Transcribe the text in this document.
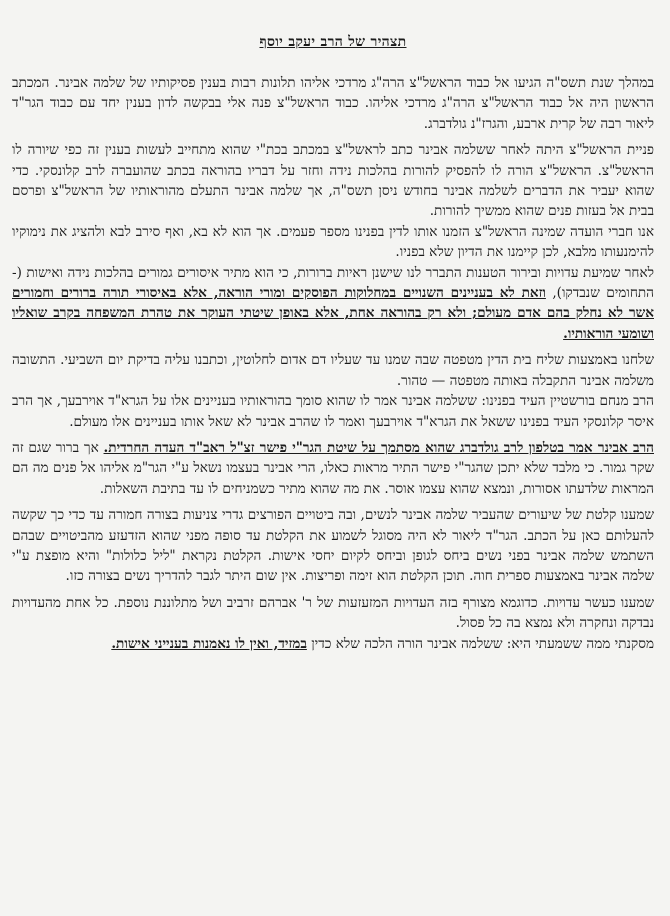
תצהיר של הרב יעקב יוסף

במהלך שנת תשס"ה הגיעו אל כבוד הראשל"צ הרה"ג מרדכי אליהו תלונות רבות בענין פסיקותיו של שלמה אבינר. המכתב הראשון היה אל כבוד הראשל"צ הרה"ג מרדכי אליהו. כבוד הראשל"צ פנה אלי בבקשה לדון בענין יחד עם כבוד הגר"ד ליאור רבה של קרית ארבע, והגרז"נ גולדברג.

פניית הראשל"צ היתה לאחר ששלמה אבינר כתב לראשל"צ במכתב בכת"י שהוא מתחייב לעשות בענין זה כפי שיורה לו הראשל"צ. הראשל"צ הורה לו להפסיק להורות בהלכות נידה וחזר על דבריו בהוראה בכתב שהועברה לרב קלונסקי. כדי שהוא יעביר את הדברים לשלמה אבינר בחודש ניסן תשס"ה, אך שלמה אבינר התעלם מהוראותיו של הראשל"צ ופרסם בבית אל בעזות פנים שהוא ממשיך להורות.

אנו חברי הועדה שמינה הראשל"צ הזמנו אותו לדין בפנינו מספר פעמים. אך הוא לא בא, ואף סירב לבא ולהציג את נימוקיו להימנעותו מלבא, לכן קיימנו את הדיון שלא בפניו.

לאחר שמיעת עדויות ובירור הטענות התברר לנו שישנן ראיות ברורות, כי הוא מתיר איסורים גמורים בהלכות נידה ואישות (- התחומים שנבדקו), וזאת לא בעניינים השנויים במחלוקות הפוסקים ומורי הוראה, אלא באיסורי תורה ברורים וחמורים אשר לא נחלק בהם אדם מעולם; ולא רק בהוראה אחת, אלא באופן שיטתי העוקר את טהרת המשפחה בקרב שואליו ושומעי הוראותיו.

שלחנו באמצעות שליח בית הדין מטפטה שבה שמנו עד שעליו דם אדום לחלוטין, וכתבנו עליה בדיקת יום השביעי. התשובה משלמה אבינר התקבלה באותה מטפטה — טהור.

הרב מנחם בורשטיין העיד בפנינו: ששלמה אבינר אמר לו שהוא סומך בהוראותיו בעניינים אלו על הגרא"ד אוירבעך, אך הרב איסר קלונסקי העיד בפנינו ששאל את הגרא"ד אוירבעך ואמר לו שהרב אבינר לא שאל אותו בעניינים אלו מעולם.

הרב אבינר אמר בטלפון לרב גולדברג שהוא מסתמך על שיטת הגר"י פישר זצ"ל ראב"ד העדה החרדית. אך ברור שגם זה שקר גמור. כי מלבד שלא יתכן שהגר"י פישר התיר מראות כאלו, הרי אבינר בעצמו נשאל ע"י הגר"מ אליהו אל פנים מה הם המראות שלדעתו אסורות, ונמצא שהוא עצמו אוסר. את מה שהוא מתיר כשמניחים לו עד בתיבת השאלות.

שמענו קלטת של שיעורים שהעביר שלמה אבינר לנשים, ובה ביטויים הפורצים גדרי צניעות בצורה חמורה עד כדי כך שקשה להעלותם כאן על הכתב. הגר"ד ליאור לא היה מסוגל לשמוע את הקלטת עד סופה מפני שהוא הזדעזע מהביטויים שבהם השתמש שלמה אבינר בפני נשים ביחס לגופן וביחס לקיום יחסי אישות. הקלטת נקראת "ליל כלולות" והיא מופצת ע"י שלמה אבינר באמצעות ספרית חוה. תוכן הקלטת הוא זימה ופריצות. אין שום היתר לגבר להדריך נשים בצורה כזו.

שמענו כעשר עדויות. כדוגמא מצורף בזה העדויות המזעזעות של ר' אברהם זרביב ושל מתלוננת נוספת. כל אחת מהעדויות נבדקה ונחקרה ולא נמצא בה כל פסול.

מסקנתי ממה ששמעתי היא: ששלמה אבינר הורה הלכה שלא כדין במזיד, ואין לו נאמנות בענייני אישות.
